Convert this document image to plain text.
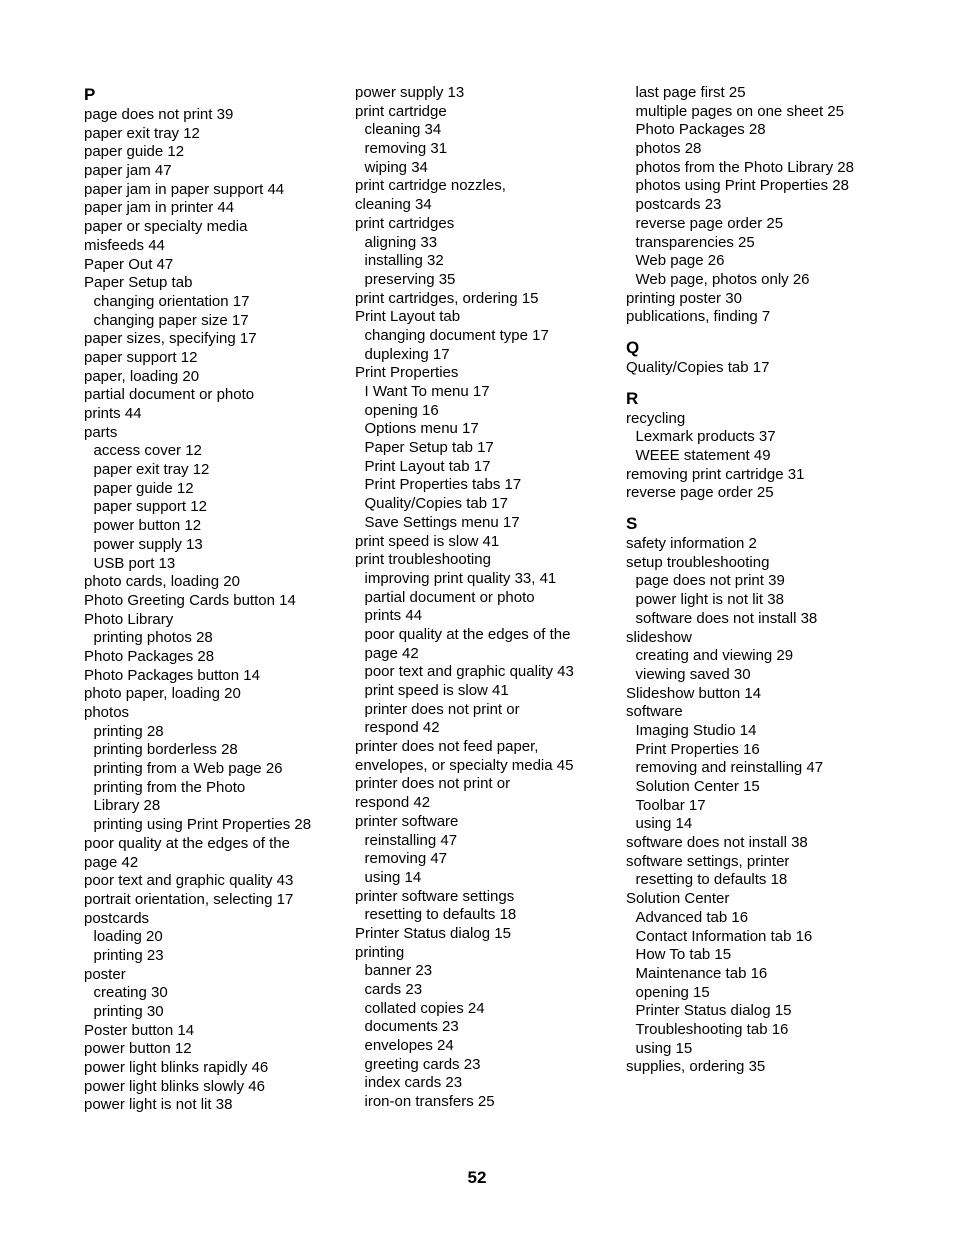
P
page does not print 39
paper exit tray 12
paper guide 12
paper jam 47
paper jam in paper support 44
paper jam in printer 44
paper or specialty media
misfeeds 44
Paper Out 47
Paper Setup tab
changing orientation 17
changing paper size 17
paper sizes, specifying 17
paper support 12
paper, loading 20
partial document or photo
prints 44
parts
access cover 12
paper exit tray 12
paper guide 12
paper support 12
power button 12
power supply 13
USB port 13
photo cards, loading 20
Photo Greeting Cards button 14
Photo Library
printing photos 28
Photo Packages 28
Photo Packages button 14
photo paper, loading 20
photos
printing 28
printing borderless 28
printing from a Web page 26
printing from the Photo
Library 28
printing using Print Properties 28
poor quality at the edges of the
page 42
poor text and graphic quality 43
portrait orientation, selecting 17
postcards
loading 20
printing 23
poster
creating 30
printing 30
Poster button 14
power button 12
power light blinks rapidly 46
power light blinks slowly 46
power light is not lit 38
power supply 13
print cartridge
cleaning 34
removing 31
wiping 34
print cartridge nozzles,
cleaning 34
print cartridges
aligning 33
installing 32
preserving 35
print cartridges, ordering 15
Print Layout tab
changing document type 17
duplexing 17
Print Properties
I Want To menu 17
opening 16
Options menu 17
Paper Setup tab 17
Print Layout tab 17
Print Properties tabs 17
Quality/Copies tab 17
Save Settings menu 17
print speed is slow 41
print troubleshooting
improving print quality 33, 41
partial document or photo
prints 44
poor quality at the edges of the
page 42
poor text and graphic quality 43
print speed is slow 41
printer does not print or
respond 42
printer does not feed paper,
envelopes, or specialty media 45
printer does not print or
respond 42
printer software
reinstalling 47
removing 47
using 14
printer software settings
resetting to defaults 18
Printer Status dialog 15
printing
banner 23
cards 23
collated copies 24
documents 23
envelopes 24
greeting cards 23
index cards 23
iron-on transfers 25
last page first 25
multiple pages on one sheet 25
Photo Packages 28
photos 28
photos from the Photo Library 28
photos using Print Properties 28
postcards 23
reverse page order 25
transparencies 25
Web page 26
Web page, photos only 26
printing poster 30
publications, finding 7
Q
Quality/Copies tab 17
R
recycling
Lexmark products 37
WEEE statement 49
removing print cartridge 31
reverse page order 25
S
safety information 2
setup troubleshooting
page does not print 39
power light is not lit 38
software does not install 38
slideshow
creating and viewing 29
viewing saved 30
Slideshow button 14
software
Imaging Studio 14
Print Properties 16
removing and reinstalling 47
Solution Center 15
Toolbar 17
using 14
software does not install 38
software settings, printer
resetting to defaults 18
Solution Center
Advanced tab 16
Contact Information tab 16
How To tab 15
Maintenance tab 16
opening 15
Printer Status dialog 15
Troubleshooting tab 16
using 15
supplies, ordering 35
52
